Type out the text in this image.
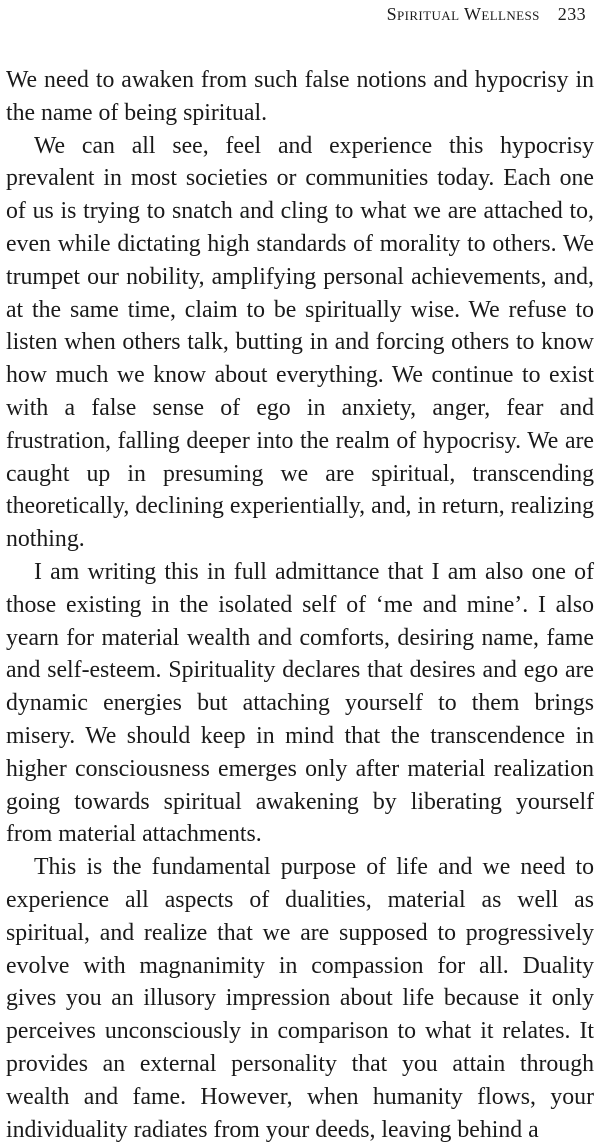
Spiritual Wellness 233

We need to awaken from such false notions and hypocrisy in the name of being spiritual.

We can all see, feel and experience this hypocrisy prevalent in most societies or communities today. Each one of us is trying to snatch and cling to what we are attached to, even while dictating high standards of morality to others. We trumpet our nobility, amplifying personal achievements, and, at the same time, claim to be spiritually wise. We refuse to listen when others talk, butting in and forcing others to know how much we know about everything. We continue to exist with a false sense of ego in anxiety, anger, fear and frustration, falling deeper into the realm of hypocrisy. We are caught up in presuming we are spiritual, transcending theoretically, declining experientially, and, in return, realizing nothing.

I am writing this in full admittance that I am also one of those existing in the isolated self of ‘me and mine’. I also yearn for material wealth and comforts, desiring name, fame and self-esteem. Spirituality declares that desires and ego are dynamic energies but attaching yourself to them brings misery. We should keep in mind that the transcendence in higher consciousness emerges only after material realization going towards spiritual awakening by liberating yourself from material attachments.

This is the fundamental purpose of life and we need to experience all aspects of dualities, material as well as spiritual, and realize that we are supposed to progressively evolve with magnanimity in compassion for all. Duality gives you an illusory impression about life because it only perceives unconsciously in comparison to what it relates. It provides an external personality that you attain through wealth and fame. However, when humanity flows, your individuality radiates from your deeds, leaving behind a
